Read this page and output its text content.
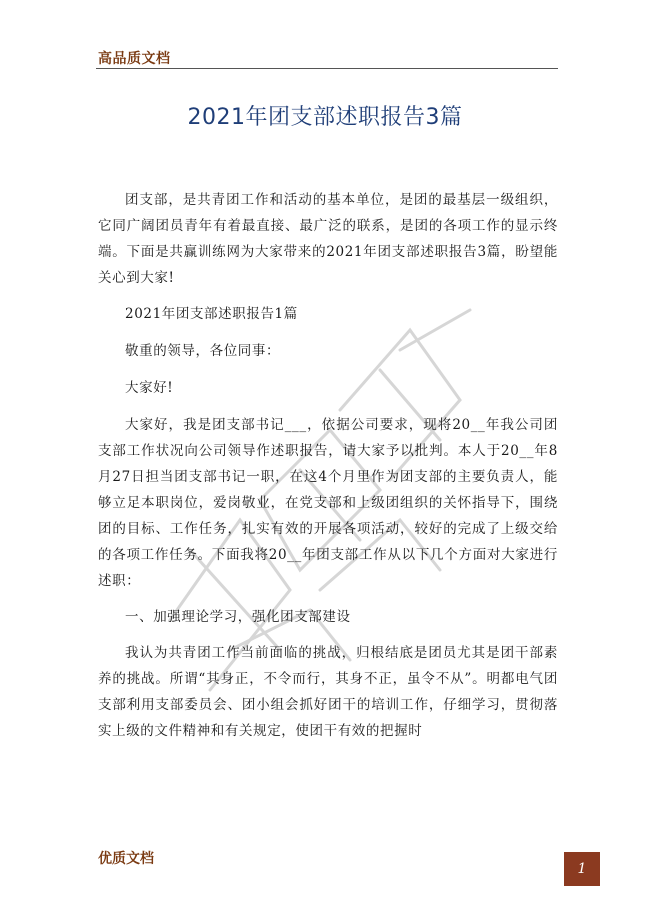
高品质文档
2021年团支部述职报告3篇

团支部，是共青团工作和活动的基本单位，是团的最基层一级组织，它同广阔团员青年有着最直接、最广泛的联系，是团的各项工作的显示终端。下面是共赢训练网为大家带来的2021年团支部述职报告3篇，盼望能关心到大家!

2021年团支部述职报告1篇

敬重的领导，各位同事：

大家好!

大家好，我是团支部书记___，依据公司要求，现将20__年我公司团支部工作状况向公司领导作述职报告，请大家予以批判。本人于20__年8月27日担当团支部书记一职，在这4个月里作为团支部的主要负责人，能够立足本职岗位，爱岗敬业，在党支部和上级团组织的关怀指导下，围绕团的目标、工作任务，扎实有效的开展各项活动，较好的完成了上级交给的各项工作任务。下面我将20__年团支部工作从以下几个方面对大家进行述职：

一、加强理论学习，强化团支部建设

我认为共青团工作当前面临的挑战，归根结底是团员尤其是团干部素养的挑战。所谓“其身正，不令而行，其身不正，虽令不从”。明都电气团支部利用支部委员会、团小组会抓好团干的培训工作，仔细学习，贯彻落实上级的文件精神和有关规定，使团干有效的把握时

优质文档
1
